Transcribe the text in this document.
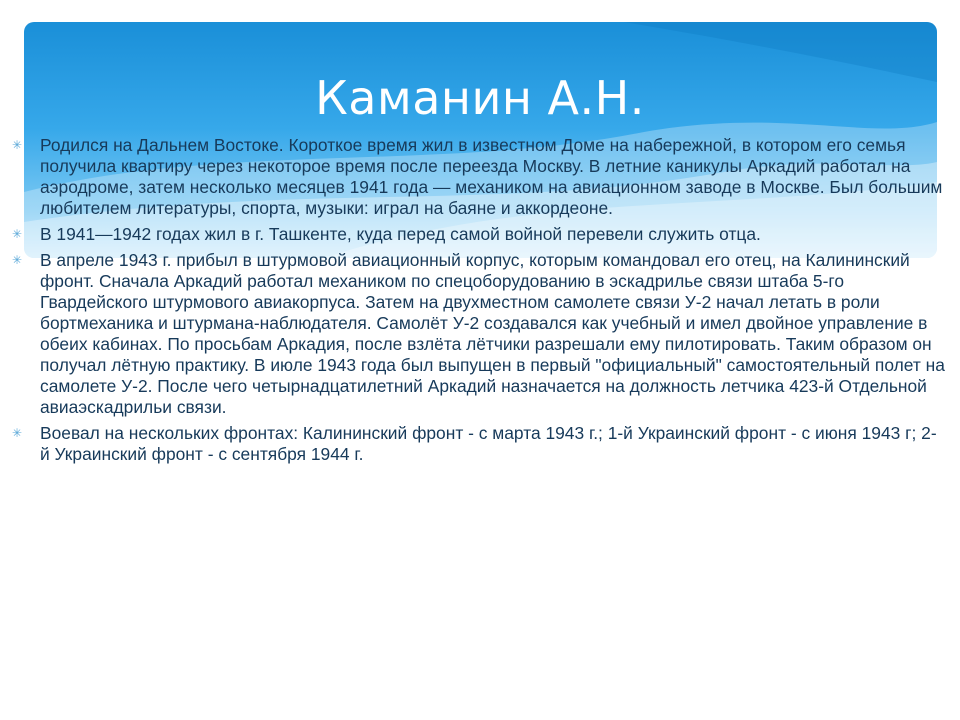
Каманин А.Н.
✳ Родился на Дальнем Востоке. Короткое время жил в известном Доме на набережной, в котором его семья получила квартиру через некоторое время после переезда Москву. В летние каникулы Аркадий работал на аэродроме, затем несколько месяцев 1941 года — механиком на авиационном заводе в Москве. Был большим любителем литературы, спорта, музыки: играл на баяне и аккордеоне.
✳ В 1941—1942 годах жил в г. Ташкенте, куда перед самой войной перевели служить отца.
✳ В апреле 1943 г. прибыл в штурмовой авиационный корпус, которым командовал его отец, на Калининский фронт. Сначала Аркадий работал механиком по спецоборудованию в эскадрилье связи штаба 5-го Гвардейского штурмового авиакорпуса. Затем на двухместном самолете связи У-2 начал летать в роли бортмеханика и штурмана-наблюдателя. Самолёт У-2 создавался как учебный и имел двойное управление в обеих кабинах. По просьбам Аркадия, после взлёта лётчики разрешали ему пилотировать. Таким образом он получал лётную практику. В июле 1943 года был выпущен в первый "официальный" самостоятельный полет на самолете У-2. После чего четырнадцатилетний Аркадий назначается на должность летчика 423-й Отдельной авиаэскадрильи связи.
✳ Воевал на нескольких фронтах: Калининский фронт - с марта 1943 г.; 1-й Украинский фронт - с июня 1943 г; 2-й Украинский фронт - с сентября 1944 г.
